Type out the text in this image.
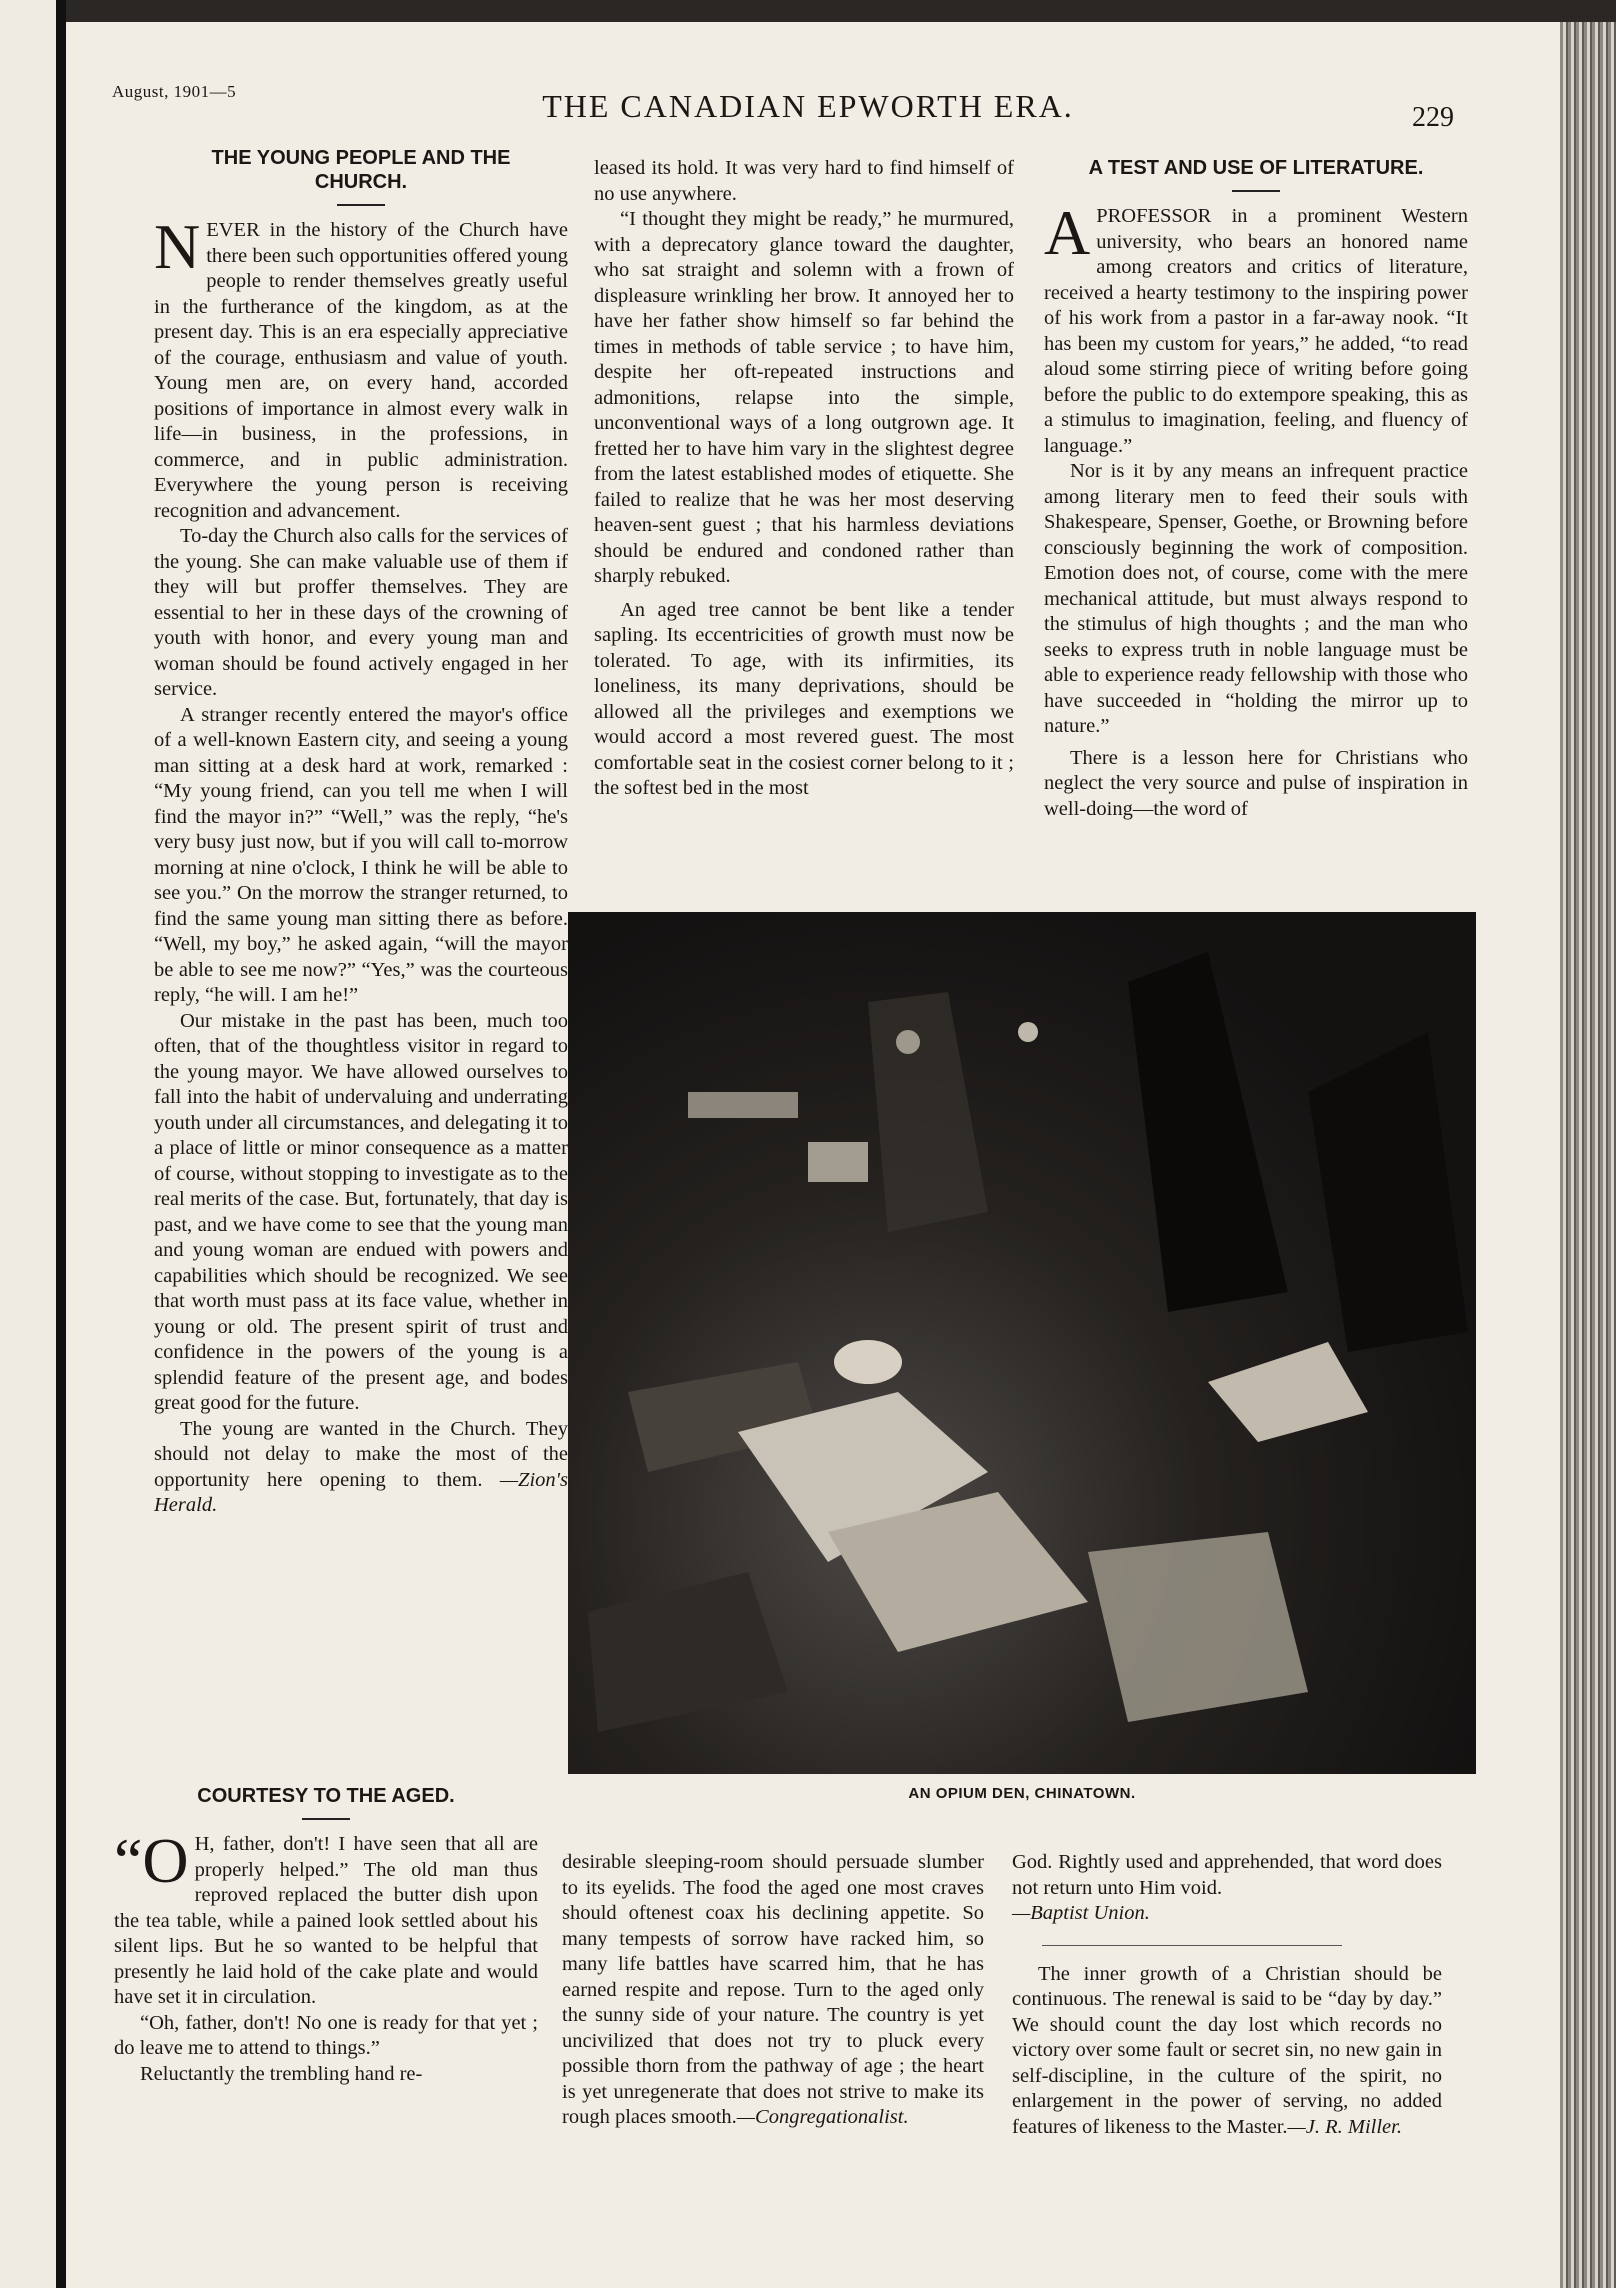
August, 1901—5	THE CANADIAN EPWORTH ERA.	229
THE YOUNG PEOPLE AND THE CHURCH.

NEVER in the history of the Church have there been such opportunities offered young people to render themselves greatly useful in the furtherance of the kingdom, as at the present day. This is an era especially appreciative of the courage, enthusiasm and value of youth. Young men are, on every hand, accorded positions of importance in almost every walk in life—in business, in the professions, in commerce, and in public administration. Everywhere the young person is receiving recognition and advancement.

To-day the Church also calls for the services of the young. She can make valuable use of them if they will but proffer themselves. They are essential to her in these days of the crowning of youth with honor, and every young man and woman should be found actively engaged in her service.

A stranger recently entered the mayor's office of a well-known Eastern city, and seeing a young man sitting at a desk hard at work, remarked : “My young friend, can you tell me when I will find the mayor in?” “Well,” was the reply, “he's very busy just now, but if you will call to-morrow morning at nine o'clock, I think he will be able to see you.” On the morrow the stranger returned, to find the same young man sitting there as before. “Well, my boy,” he asked again, “will the mayor be able to see me now?” “Yes,” was the courteous reply, “he will. I am he!”

Our mistake in the past has been, much too often, that of the thoughtless visitor in regard to the young mayor. We have allowed ourselves to fall into the habit of undervaluing and underrating youth under all circumstances, and delegating it to a place of little or minor consequence as a matter of course, without stopping to investigate as to the real merits of the case. But, fortunately, that day is past, and we have come to see that the young man and young woman are endued with powers and capabilities which should be recognized. We see that worth must pass at its face value, whether in young or old. The present spirit of trust and confidence in the powers of the young is a splendid feature of the present age, and bodes great good for the future.

The young are wanted in the Church. They should not delay to make the most of the opportunity here opening to them. —Zion's Herald.

leased its hold. It was very hard to find himself of no use anywhere.

“I thought they might be ready,” he murmured, with a deprecatory glance toward the daughter, who sat straight and solemn with a frown of displeasure wrinkling her brow. It annoyed her to have her father show himself so far behind the times in methods of table service ; to have him, despite her oft-repeated instructions and admonitions, relapse into the simple, unconventional ways of a long outgrown age. It fretted her to have him vary in the slightest degree from the latest established modes of etiquette. She failed to realize that he was her most deserving heaven-sent guest ; that his harmless deviations should be endured and condoned rather than sharply rebuked.

An aged tree cannot be bent like a tender sapling. Its eccentricities of growth must now be tolerated. To age, with its infirmities, its loneliness, its many deprivations, should be allowed all the privileges and exemptions we would accord a most revered guest. The most comfortable seat in the cosiest corner belong to it ; the softest bed in the most

A TEST AND USE OF LITERATURE.

APROFESSOR in a prominent Western university, who bears an honored name among creators and critics of literature, received a hearty testimony to the inspiring power of his work from a pastor in a far-away nook. “It has been my custom for years,” he added, “to read aloud some stirring piece of writing before going before the public to do extempore speaking, this as a stimulus to imagination, feeling, and fluency of language.”

Nor is it by any means an infrequent practice among literary men to feed their souls with Shakespeare, Spenser, Goethe, or Browning before consciously beginning the work of composition. Emotion does not, of course, come with the mere mechanical attitude, but must always respond to the stimulus of high thoughts ; and the man who seeks to express truth in noble language must be able to experience ready fellowship with those who have succeeded in “holding the mirror up to nature.”

There is a lesson here for Christians who neglect the very source and pulse of inspiration in well-doing—the word of

AN OPIUM DEN, CHINATOWN.
COURTESY TO THE AGED.

“O H, father, don't! I have seen that all are properly helped.” The old man thus reproved replaced the butter dish upon the tea table, while a pained look settled about his silent lips. But he so wanted to be helpful that presently he laid hold of the cake plate and would have set it in circulation.

“Oh, father, don't! No one is ready for that yet ; do leave me to attend to things.”

Reluctantly the trembling hand re-

desirable sleeping-room should persuade slumber to its eyelids. The food the aged one most craves should oftenest coax his declining appetite. So many tempests of sorrow have racked him, so many life battles have scarred him, that he has earned respite and repose. Turn to the aged only the sunny side of your nature. The country is yet uncivilized that does not try to pluck every possible thorn from the pathway of age ; the heart is yet unregenerate that does not strive to make its rough places smooth.—Congregationalist.

God. Rightly used and apprehended, that word does not return unto Him void.
—Baptist Union.

The inner growth of a Christian should be continuous. The renewal is said to be “day by day.” We should count the day lost which records no victory over some fault or secret sin, no new gain in self-discipline, in the culture of the spirit, no enlargement in the power of serving, no added features of likeness to the Master.—J. R. Miller.
